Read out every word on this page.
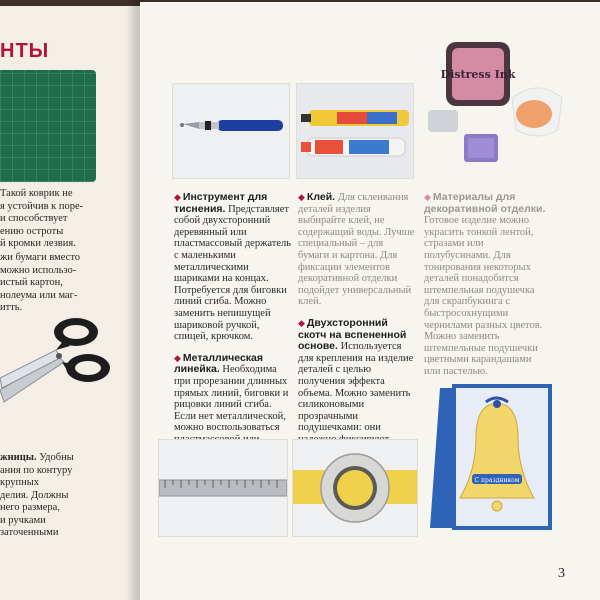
НТЫ
Такой коврик не
я устойчив к поре-
и способствует
ению остроты
й кромки лезвия.
жи бумаги вместо
можно использо-
истый картон,
нолеума или маг-
итть.
жницы. Удобны
ания по контуру
крупных
делия. Должны
него размера,
и ручками
заточенными
Distress Ink
◆ Инструмент для тиснения. Представляет собой двухсторонний деревянный или пластмассовый держатель с маленькими металлическими шариками на концах. Потребуется для биговки линий сгиба. Можно заменить непишущей шариковой ручкой, спицей, крючком.
◆ Металлическая линейка. Необходима при прорезании длинных прямых линий, биговки и рицовки линий сгиба. Если нет металлической, можно воспользоваться
◆ Клей. Для склеивания деталей изделия выбирайте клей, не содержащий воды. Лучше специальный – для бумаги и картона. Для фиксации элементов декоративной отделки подойдет универсальный клей.
◆ Двухсторонний скотч на вспененной основе. Используется для крепления на изделие деталей с целью получения эффекта объема. Можно заменить силиконовыми прозрачными подушечками: они
◆ Материалы для декоративной отделки. Готовое изделие можно украсить тонкой лентой, стразами или полубусинами. Для тонирования некоторых деталей понадобится штемпельная подушечка для скрапбукинга с быстросохнущими чернилами разных цветов. Можно заменить штемпельные подушечки цветными карандашами или пастелью.
С праздником
3
